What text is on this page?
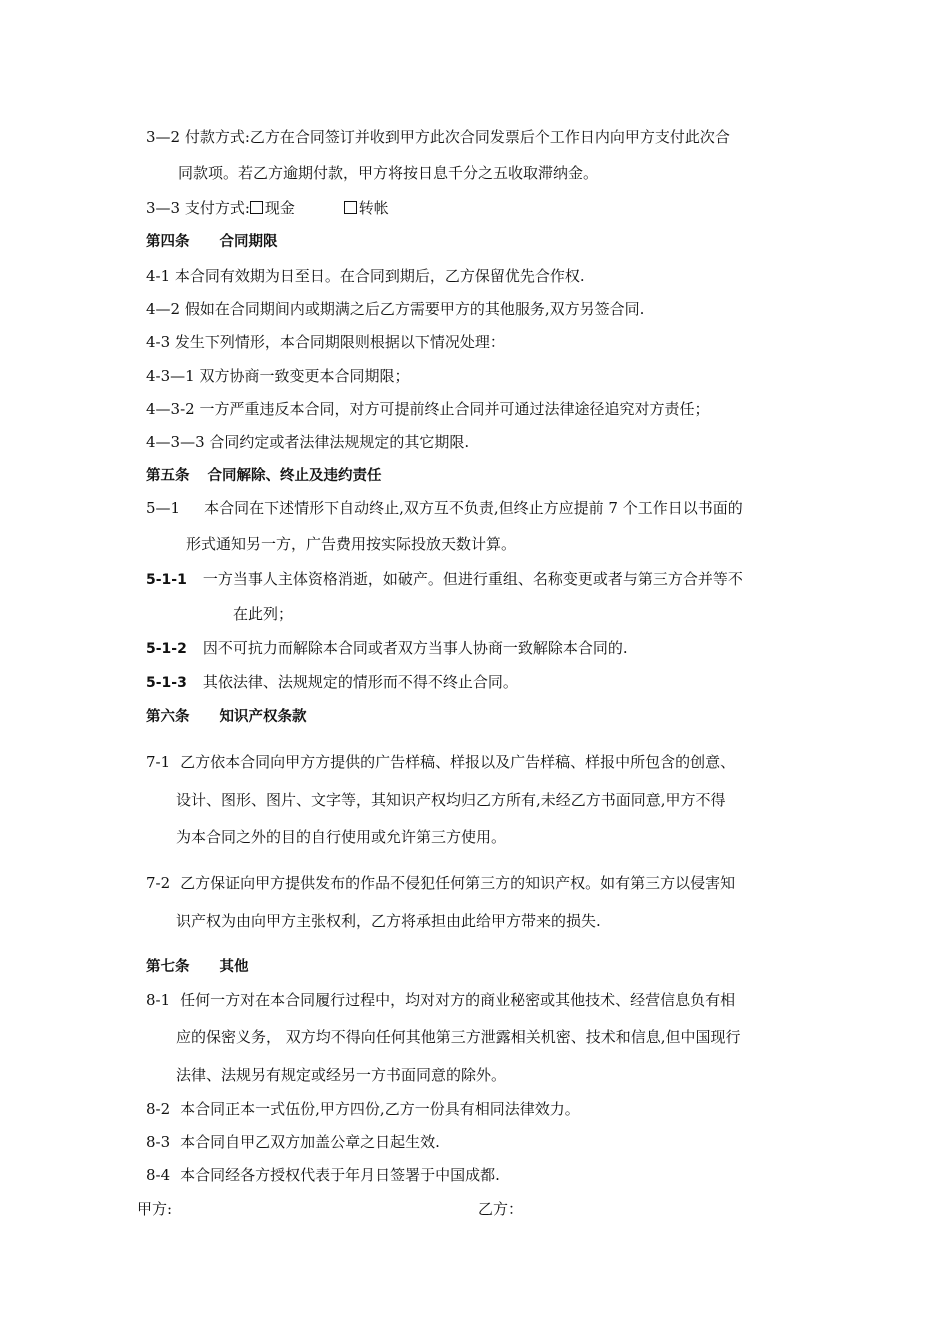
3—2 付款方式:乙方在合同签订并收到甲方此次合同发票后个工作日内向甲方支付此次合
同款项。若乙方逾期付款，甲方将按日息千分之五收取滞纳金。
3—3 支付方式: 现金	转帐
第四条 合同期限
4-1 本合同有效期为日至日。在合同到期后，乙方保留优先合作权.
4—2 假如在合同期间内或期满之后乙方需要甲方的其他服务,双方另签合同.
4-3 发生下列情形，本合同期限则根据以下情况处理：
4-3—1 双方协商一致变更本合同期限；
4—3-2 一方严重违反本合同，对方可提前终止合同并可通过法律途径追究对方责任；
4—3—3 合同约定或者法律法规规定的其它期限.
第五条 合同解除、终止及违约责任
5—1 本合同在下述情形下自动终止,双方互不负责,但终止方应提前 7 个工作日以书面的
形式通知另一方，广告费用按实际投放天数计算。
5-1-1 一方当事人主体资格消逝，如破产。但进行重组、名称变更或者与第三方合并等不
在此列；
5-1-2 因不可抗力而解除本合同或者双方当事人协商一致解除本合同的.
5-1-3 其依法律、法规规定的情形而不得不终止合同。
第六条 知识产权条款
7-1 乙方依本合同向甲方方提供的广告样稿、样报以及广告样稿、样报中所包含的创意、
设计、图形、图片、文字等，其知识产权均归乙方所有,未经乙方书面同意,甲方不得
为本合同之外的目的自行使用或允许第三方使用。
7-2 乙方保证向甲方提供发布的作品不侵犯任何第三方的知识产权。如有第三方以侵害知
识产权为由向甲方主张权利，乙方将承担由此给甲方带来的损失.
第七条 其他
8-1 任何一方对在本合同履行过程中，均对对方的商业秘密或其他技术、经营信息负有相
应的保密义务， 双方均不得向任何其他第三方泄露相关机密、技术和信息,但中国现行
法律、法规另有规定或经另一方书面同意的除外。
8-2 本合同正本一式伍份,甲方四份,乙方一份具有相同法律效力。
8-3 本合同自甲乙双方加盖公章之日起生效.
8-4 本合同经各方授权代表于年月日签署于中国成都.
甲方:	乙方：
